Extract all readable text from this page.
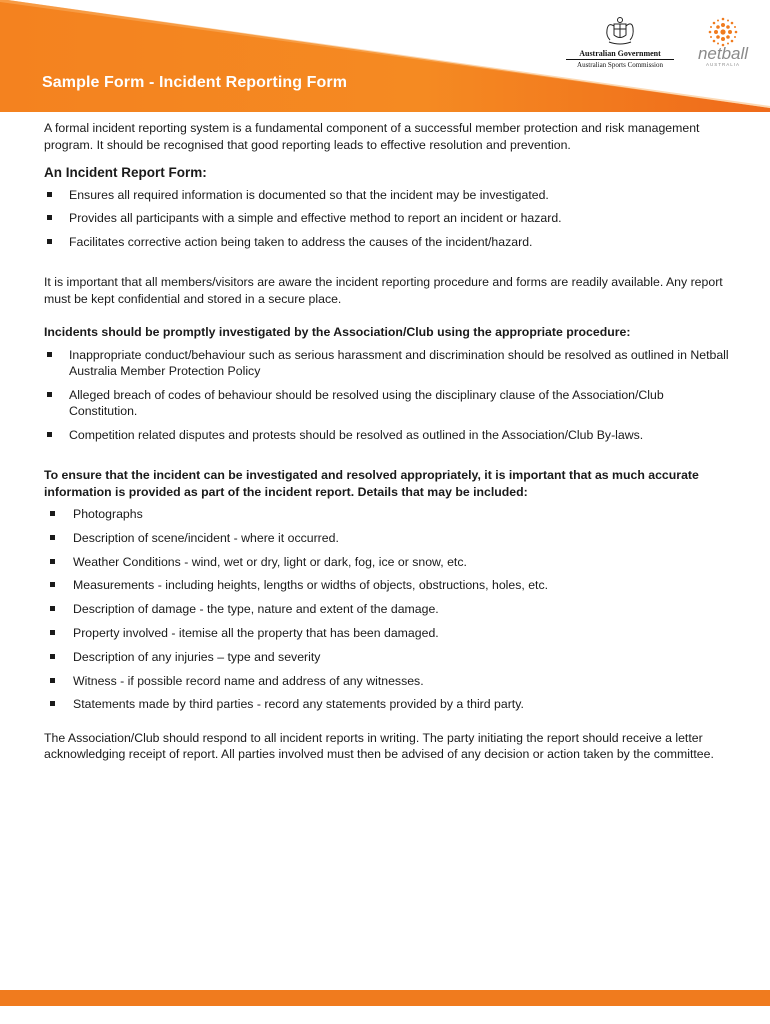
Sample Form - Incident Reporting Form
Australian Government
Australian Sports Commission
netball
AUSTRALIA

A formal incident reporting system is a fundamental component of a successful member protection and risk management program. It should be recognised that good reporting leads to effective resolution and prevention.

An Incident Report Form:

Ensures all required information is documented so that the incident may be investigated.
Provides all participants with a simple and effective method to report an incident or hazard.
Facilitates corrective action being taken to address the causes of the incident/hazard.

It is important that all members/visitors are aware the incident reporting procedure and forms are readily available. Any report must be kept confidential and stored in a secure place.

Incidents should be promptly investigated by the Association/Club using the appropriate procedure:

Inappropriate conduct/behaviour such as serious harassment and discrimination should be resolved as outlined in Netball Australia Member Protection Policy
Alleged breach of codes of behaviour should be resolved using the disciplinary clause of the Association/Club Constitution.
Competition related disputes and protests should be resolved as outlined in the Association/Club By-laws.

To ensure that the incident can be investigated and resolved appropriately, it is important that as much accurate information is provided as part of the incident report. Details that may be included:

Photographs
Description of scene/incident - where it occurred.
Weather Conditions - wind, wet or dry, light or dark, fog, ice or snow, etc.
Measurements - including heights, lengths or widths of objects, obstructions, holes, etc.
Description of damage - the type, nature and extent of the damage.
Property involved - itemise all the property that has been damaged.
Description of any injuries – type and severity
Witness - if possible record name and address of any witnesses.
Statements made by third parties - record any statements provided by a third party.

The Association/Club should respond to all incident reports in writing. The party initiating the report should receive a letter acknowledging receipt of report. All parties involved must then be advised of any decision or action taken by the committee.
